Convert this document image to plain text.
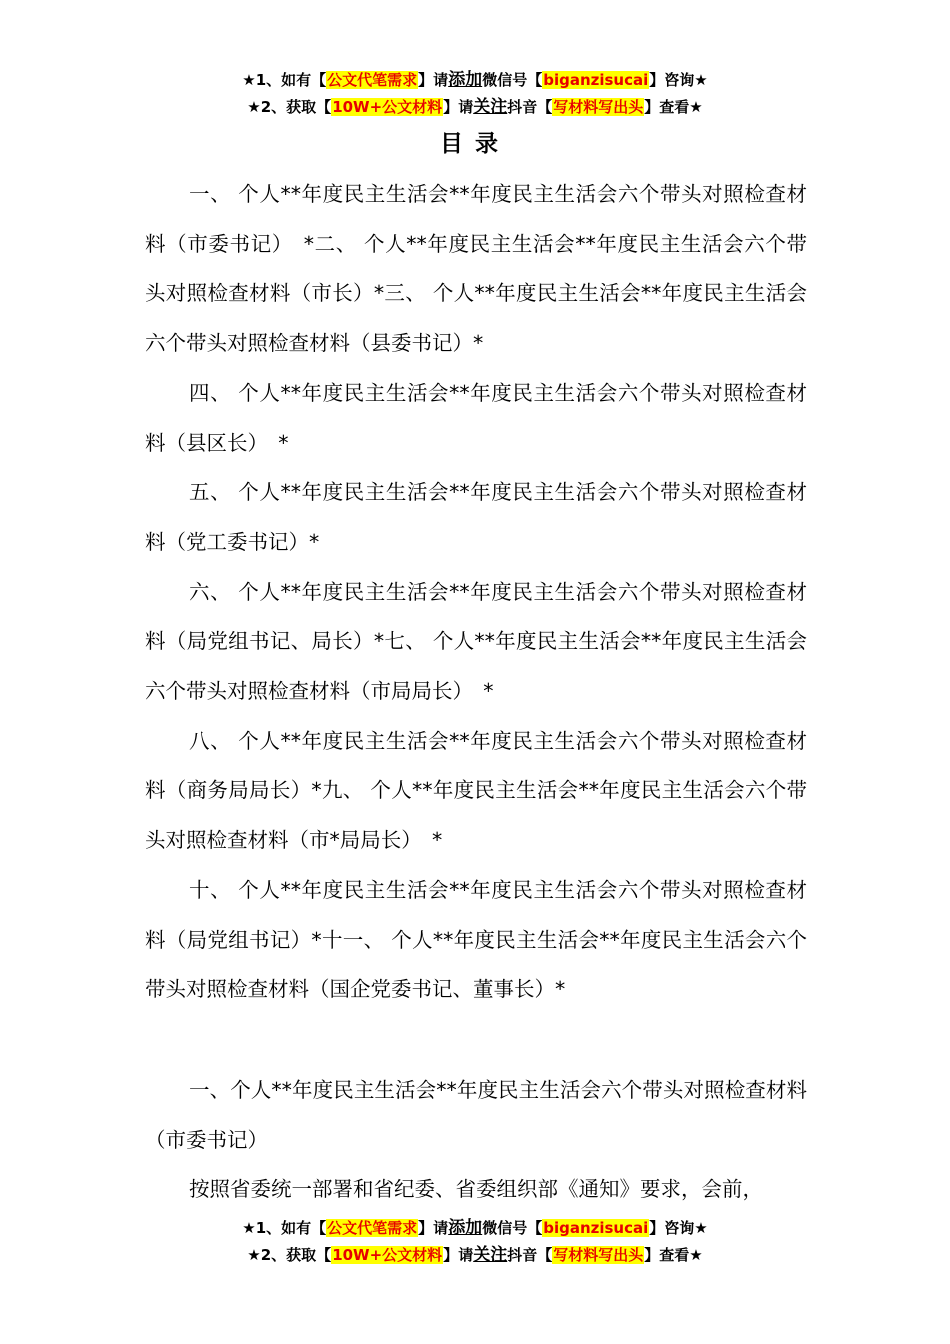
★1、如有【公文代笔需求】请添加微信号【biganzisucai】咨询★
★2、获取【10W+公文材料】请关注抖音【写材料写出头】查看★
目录

一、 个人**年度民主生活会**年度民主生活会六个带头对照检查材料（市委书记）　*二、 个人**年度民主生活会**年度民主生活会六个带头对照检查材料（市长）*三、 个人**年度民主生活会**年度民主生活会六个带头对照检查材料（县委书记）*

四、 个人**年度民主生活会**年度民主生活会六个带头对照检查材料（县区长）　*

五、 个人**年度民主生活会**年度民主生活会六个带头对照检查材料（党工委书记）*

六、 个人**年度民主生活会**年度民主生活会六个带头对照检查材料（局党组书记、局长）*七、 个人**年度民主生活会**年度民主生活会六个带头对照检查材料（市局局长）　*

八、 个人**年度民主生活会**年度民主生活会六个带头对照检查材料（商务局局长）*九、 个人**年度民主生活会**年度民主生活会六个带头对照检查材料（市*局局长）　*

十、 个人**年度民主生活会**年度民主生活会六个带头对照检查材料（局党组书记）*十一、 个人**年度民主生活会**年度民主生活会六个带头对照检查材料（国企党委书记、董事长）*

一、个人**年度民主生活会**年度民主生活会六个带头对照检查材料（市委书记）

按照省委统一部署和省纪委、省委组织部《通知》要求，会前，

★1、如有【公文代笔需求】请添加微信号【biganzisucai】咨询★
★2、获取【10W+公文材料】请关注抖音【写材料写出头】查看★
